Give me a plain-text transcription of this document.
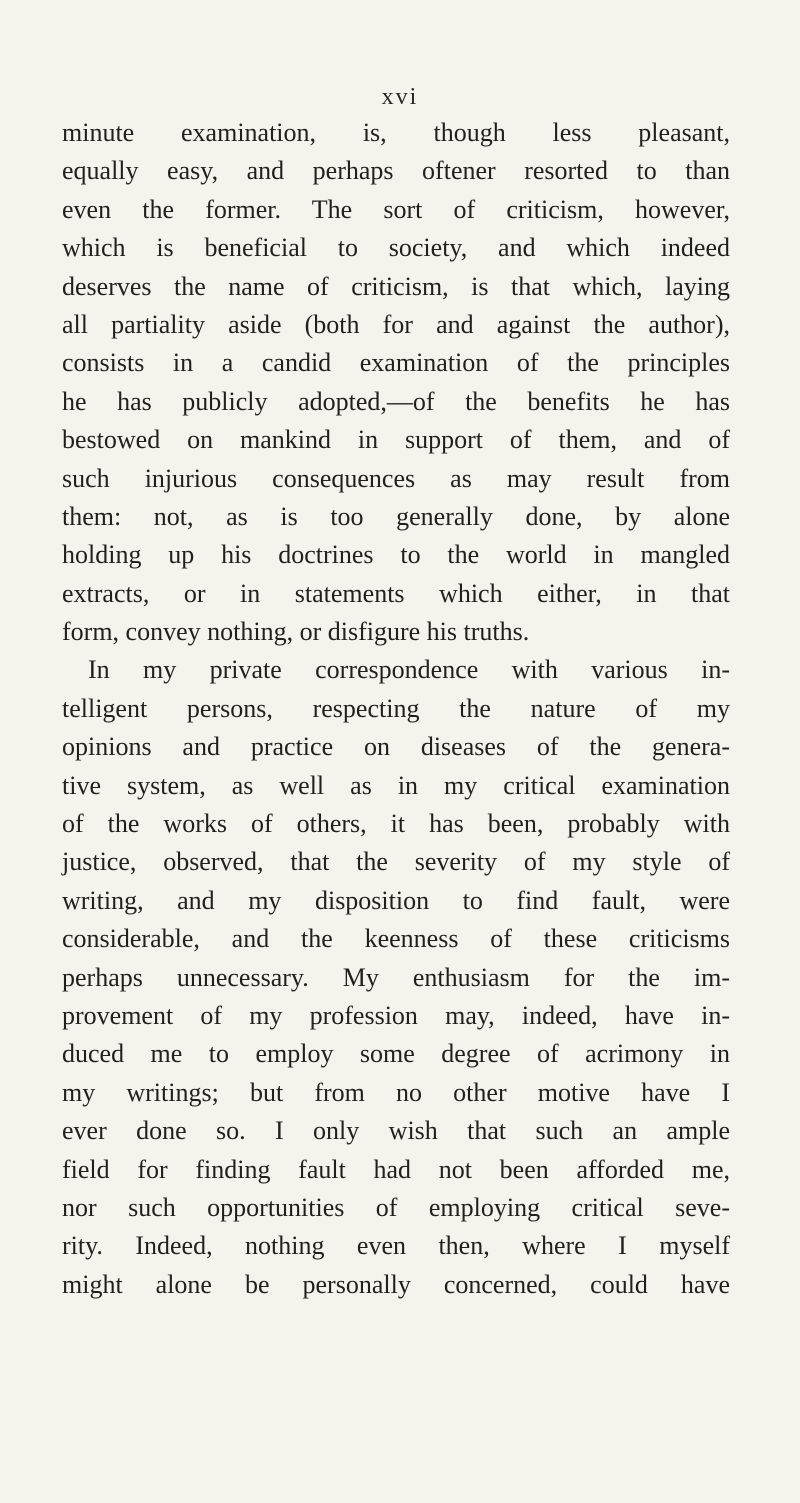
xvi
minute examination, is, though less pleasant,
equally easy, and perhaps oftener resorted to than
even the former. The sort of criticism, however,
which is beneficial to society, and which indeed
deserves the name of criticism, is that which, laying
all partiality aside (both for and against the author),
consists in a candid examination of the principles
he has publicly adopted,—of the benefits he has
bestowed on mankind in support of them, and of
such injurious consequences as may result from
them: not, as is too generally done, by alone
holding up his doctrines to the world in mangled
extracts, or in statements which either, in that
form, convey nothing, or disfigure his truths.
In my private correspondence with various in-
telligent persons, respecting the nature of my
opinions and practice on diseases of the genera-
tive system, as well as in my critical examination
of the works of others, it has been, probably with
justice, observed, that the severity of my style of
writing, and my disposition to find fault, were
considerable, and the keenness of these criticisms
perhaps unnecessary. My enthusiasm for the im-
provement of my profession may, indeed, have in-
duced me to employ some degree of acrimony in
my writings; but from no other motive have I
ever done so. I only wish that such an ample
field for finding fault had not been afforded me,
nor such opportunities of employing critical seve-
rity. Indeed, nothing even then, where I myself
might alone be personally concerned, could have
